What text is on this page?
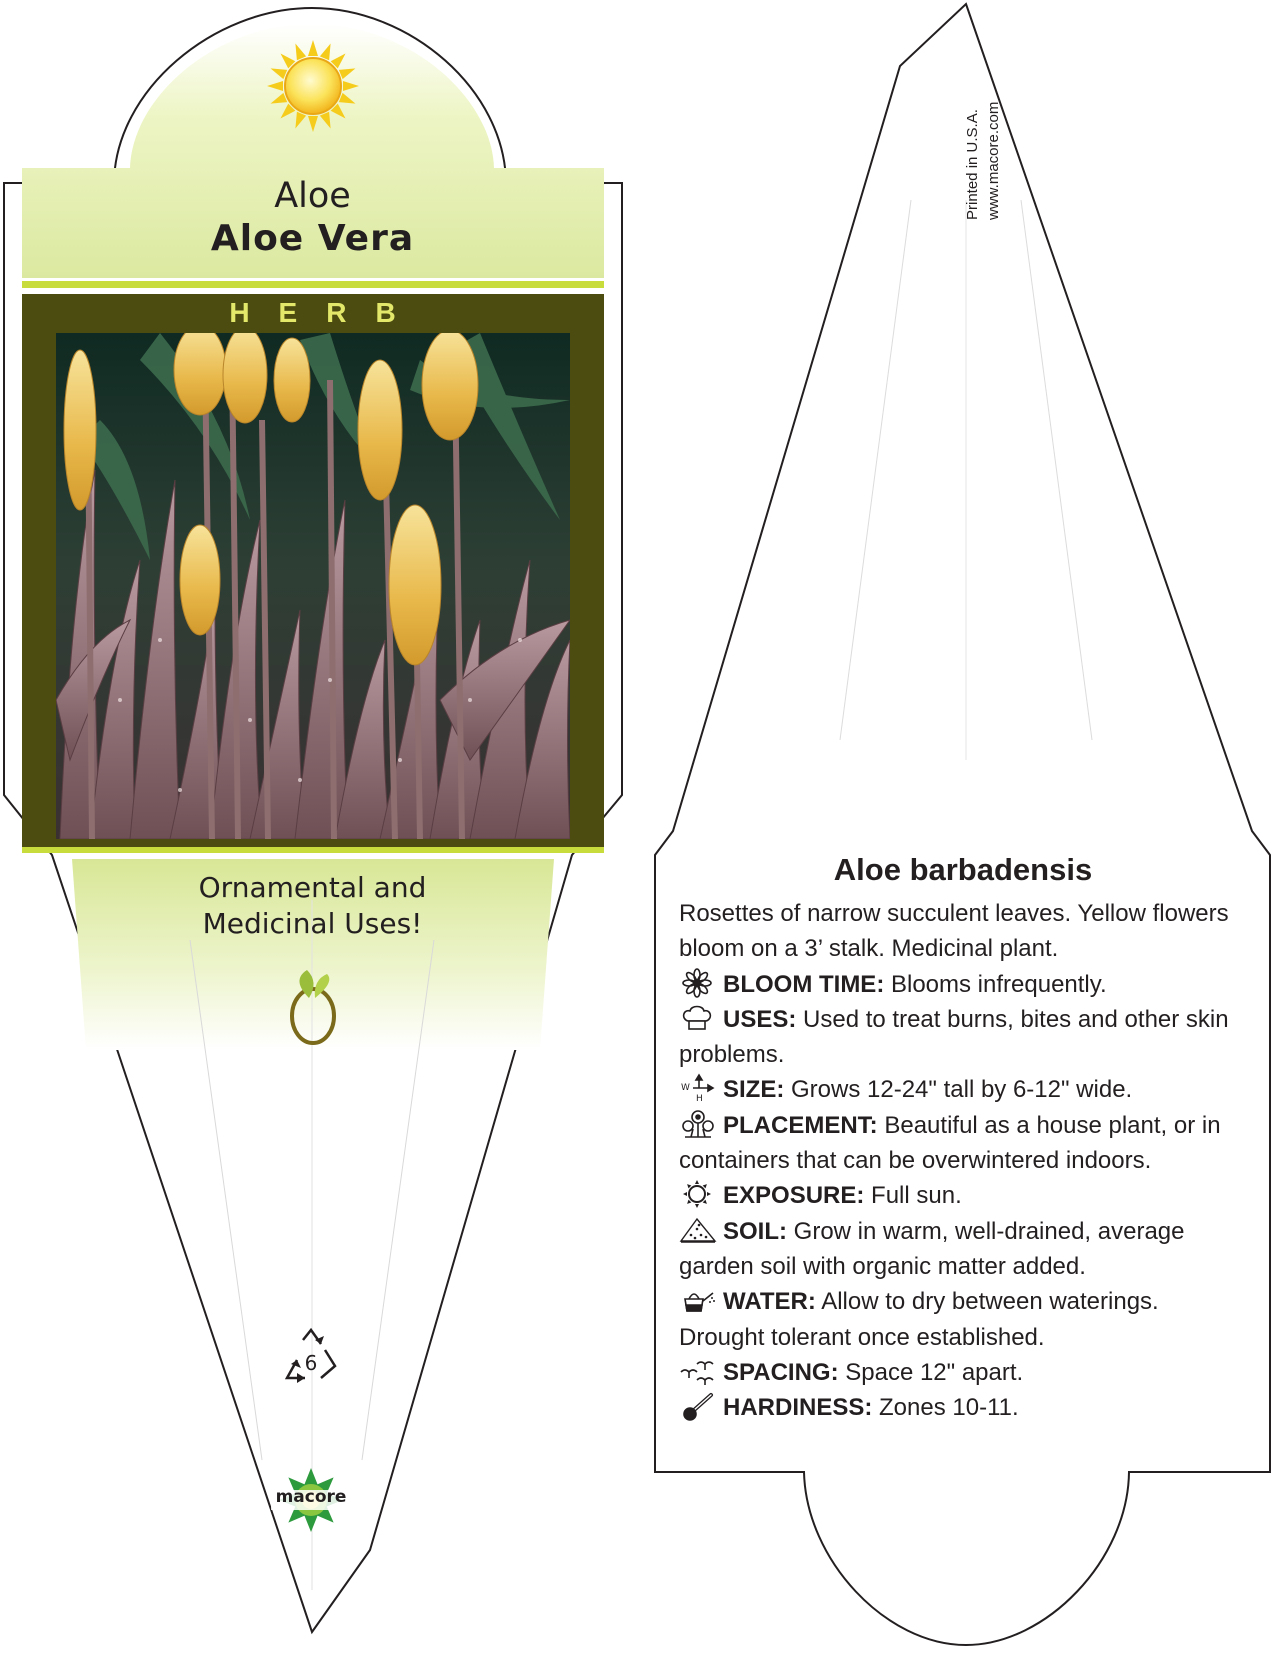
Aloe
Aloe Vera
HERB
Ornamental and
Medicinal Uses!
6
macore
Printed in U.S.A. www.macore.com
Aloe barbadensis
Rosettes of narrow succulent leaves. Yellow flowers
bloom on a 3’ stalk. Medicinal plant.
BLOOM TIME: Blooms infrequently.
USES: Used to treat burns, bites and other skin
problems.
W
H SIZE: Grows 12-24" tall by 6-12" wide.
PLACEMENT: Beautiful as a house plant, or in
containers that can be overwintered indoors.
EXPOSURE: Full sun.
SOIL: Grow in warm, well-drained, average
garden soil with organic matter added.
WATER: Allow to dry between waterings.
Drought tolerant once established.
SPACING: Space 12" apart.
HARDINESS: Zones 10-11.
